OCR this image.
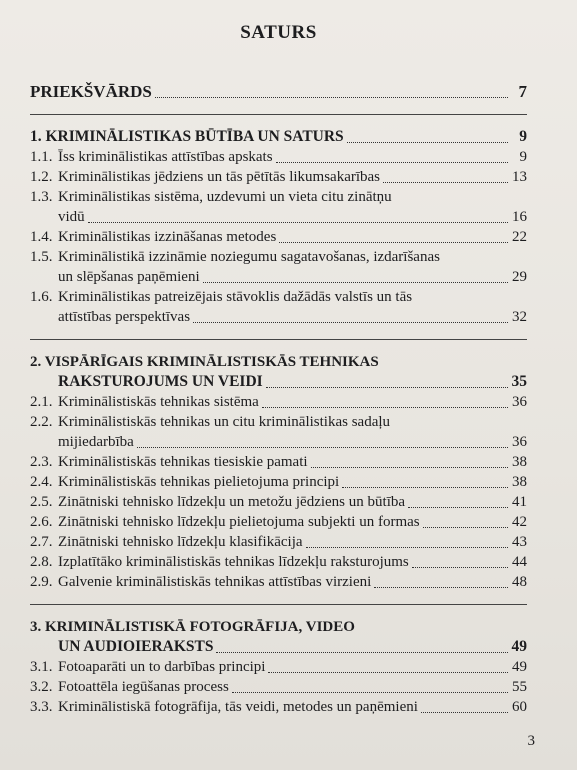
SATURS
PRIEKŠVĀRDS	7
1. KRIMINĀLISTIKAS BŪTĪBA UN SATURS	9
1.1. Īss kriminālistikas attīstības apskats	9
1.2. Kriminālistikas jēdziens un tās pētītās likumsakarības	13
1.3. Kriminālistikas sistēma, uzdevumi un vieta citu zinātņu
vidū	16
1.4. Kriminālistikas izzināšanas metodes	22
1.5. Kriminālistikā izzināmie noziegumu sagatavošanas, izdarīšanas
un slēpšanas paņēmieni	29
1.6. Kriminālistikas patreizējais stāvoklis dažādās valstīs un tās
attīstības perspektīvas	32
2. VISPĀRĪGAIS KRIMINĀLISTISKĀS TEHNIKAS
RAKSTUROJUMS UN VEIDI	35
2.1. Kriminālistiskās tehnikas sistēma	36
2.2. Kriminālistiskās tehnikas un citu kriminālistikas sadaļu
mijiedarbība	36
2.3. Kriminālistiskās tehnikas tiesiskie pamati	38
2.4. Kriminālistiskās tehnikas pielietojuma principi	38
2.5. Zinātniski tehnisko līdzekļu un metožu jēdziens un būtība	41
2.6. Zinātniski tehnisko līdzekļu pielietojuma subjekti un formas	42
2.7. Zinātniski tehnisko līdzekļu klasifikācija	43
2.8. Izplatītāko kriminālistiskās tehnikas līdzekļu raksturojums	44
2.9. Galvenie kriminālistiskās tehnikas attīstības virzieni	48
3. KRIMINĀLISTISKĀ FOTOGRĀFIJA, VIDEO
UN AUDIOIERAKSTS	49
3.1. Fotoaparāti un to darbības principi	49
3.2. Fotoattēla iegūšanas process	55
3.3. Kriminālistiskā fotogrāfija, tās veidi, metodes un paņēmieni	60
3
